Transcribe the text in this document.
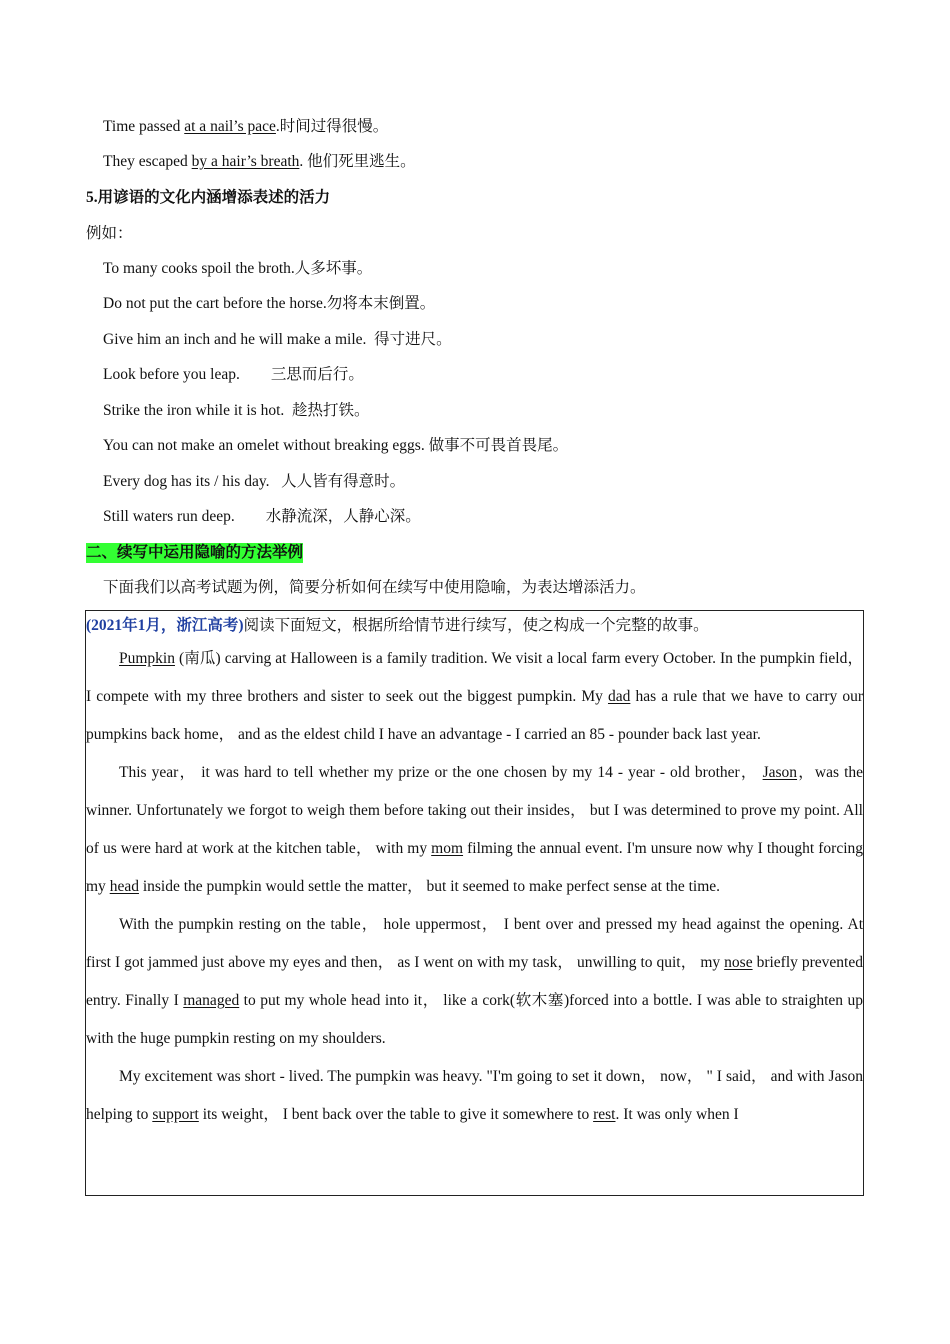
Time passed at a nail’s pace.时间过得很慢。
They escaped by a hair’s breath. 他们死里逃生。
5.用谚语的文化内涵增添表述的活力
例如：
To many cooks spoil the broth.人多坏事。
Do not put the cart before the horse.勿将本末倒置。
Give him an inch and he will make a mile.  得寸进尺。
Look before you leap.        三思而后行。
Strike the iron while it is hot.  趁热打铁。
You can not make an omelet without breaking eggs. 做事不可畏首畏尾。
Every dog has its / his day.   人人皆有得意时。
Still waters run deep.        水静流深，人静心深。
二、续写中运用隐喻的方法举例
下面我们以高考试题为例，简要分析如何在续写中使用隐喻，为表达增添活力。

(2021年1月，浙江高考)阅读下面短文，根据所给情节进行续写，使之构成一个完整的故事。

Pumpkin (南瓜) carving at Halloween is a family tradition. We visit a local farm every October. In the pumpkin field， I compete with my three brothers and sister to seek out the biggest pumpkin. My dad has a rule that we have to carry our pumpkins back home， and as the eldest child I have an advantage - I carried an 85 - pounder back last year.

This year， it was hard to tell whether my prize or the one chosen by my 14 - year - old brother， Jason，was the winner. Unfortunately we forgot to weigh them before taking out their insides， but I was determined to prove my point. All of us were hard at work at the kitchen table， with my mom filming the annual event. I'm unsure now why I thought forcing my head inside the pumpkin would settle the matter， but it seemed to make perfect sense at the time.

With the pumpkin resting on the table， hole uppermost， I bent over and pressed my head against the opening. At first I got jammed just above my eyes and then， as I went on with my task， unwilling to quit， my nose briefly prevented entry. Finally I managed to put my whole head into it， like a cork(软木塞)forced into a bottle. I was able to straighten up with the huge pumpkin resting on my shoulders.

My excitement was short - lived. The pumpkin was heavy. "I'm going to set it down， now， " I said， and with Jason helping to support its weight， I bent back over the table to give it somewhere to rest. It was only when I
